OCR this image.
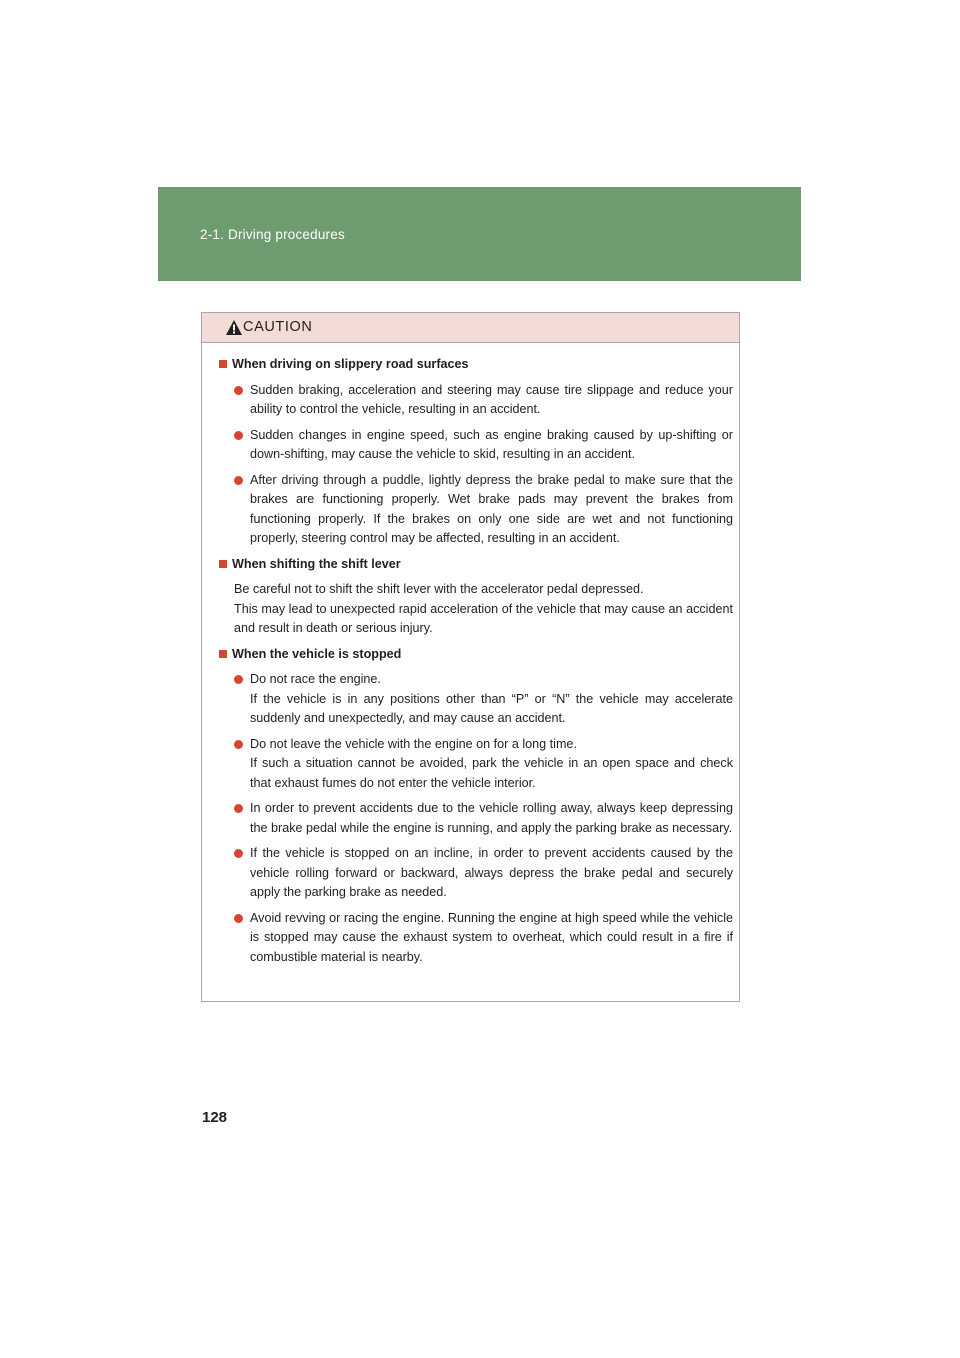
2-1. Driving procedures
CAUTION
When driving on slippery road surfaces
Sudden braking, acceleration and steering may cause tire slippage and reduce your ability to control the vehicle, resulting in an accident.
Sudden changes in engine speed, such as engine braking caused by up-shifting or down-shifting, may cause the vehicle to skid, resulting in an accident.
After driving through a puddle, lightly depress the brake pedal to make sure that the brakes are functioning properly. Wet brake pads may prevent the brakes from functioning properly. If the brakes on only one side are wet and not functioning properly, steering control may be affected, resulting in an accident.
When shifting the shift lever
Be careful not to shift the shift lever with the accelerator pedal depressed.
This may lead to unexpected rapid acceleration of the vehicle that may cause an accident and result in death or serious injury.
When the vehicle is stopped
Do not race the engine.
If the vehicle is in any positions other than “P” or “N” the vehicle may accelerate suddenly and unexpectedly, and may cause an accident.
Do not leave the vehicle with the engine on for a long time.
If such a situation cannot be avoided, park the vehicle in an open space and check that exhaust fumes do not enter the vehicle interior.
In order to prevent accidents due to the vehicle rolling away, always keep depressing the brake pedal while the engine is running, and apply the parking brake as necessary.
If the vehicle is stopped on an incline, in order to prevent accidents caused by the vehicle rolling forward or backward, always depress the brake pedal and securely apply the parking brake as needed.
Avoid revving or racing the engine. Running the engine at high speed while the vehicle is stopped may cause the exhaust system to overheat, which could result in a fire if combustible material is nearby.
128
